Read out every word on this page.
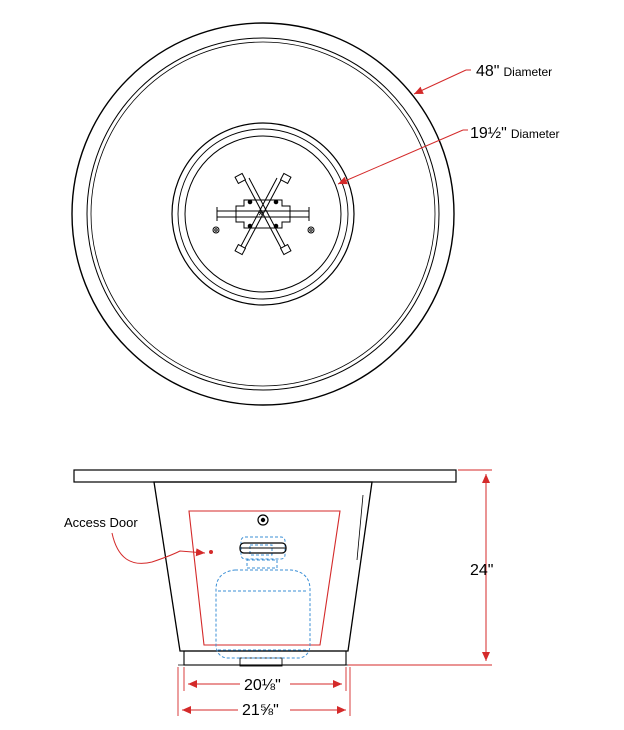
*
48" Diameter
19½" Diameter
Access Door
24"
20⅛"
21⅝"
